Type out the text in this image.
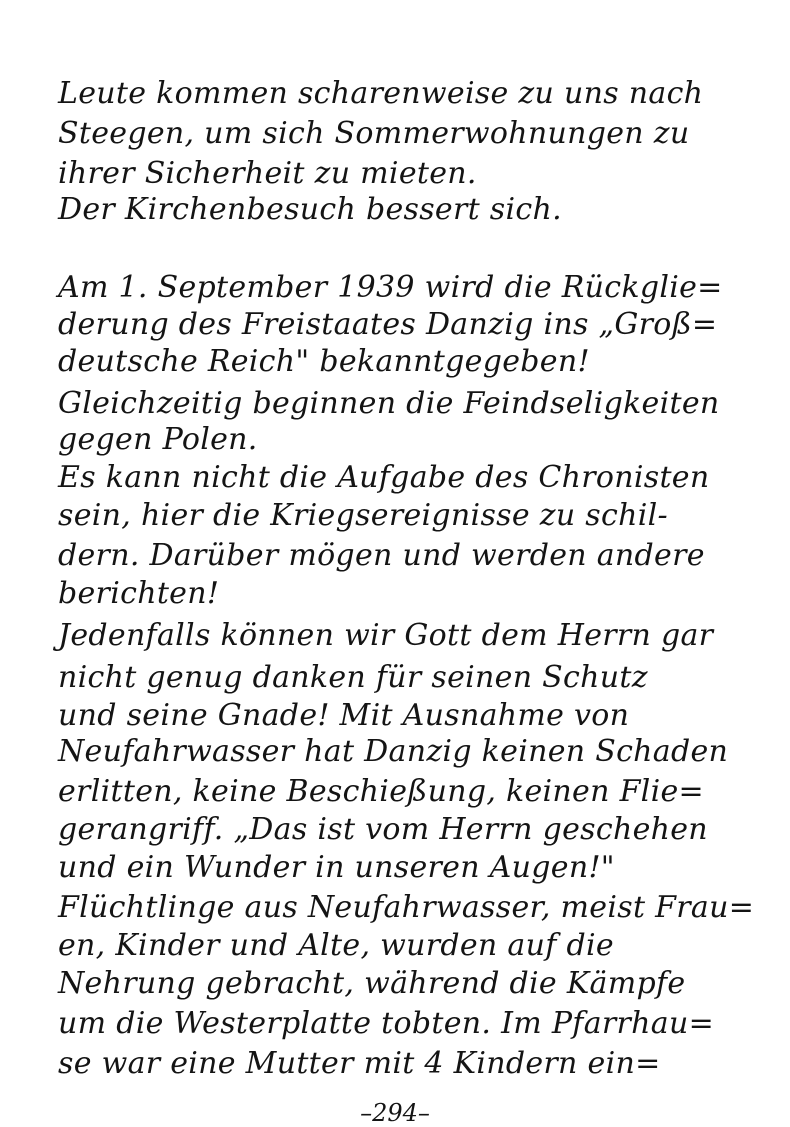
Leute kommen scharenweise zu uns nach
Steegen, um sich Sommerwohnungen zu
ihrer Sicherheit zu mieten.
Der Kirchenbesuch bessert sich.
Am 1. September 1939 wird die Rückglie=
derung des Freistaates Danzig ins „Groß=
deutsche Reich" bekanntgegeben!
Gleichzeitig beginnen die Feindseligkeiten
gegen Polen.
Es kann nicht die Aufgabe des Chronisten
sein, hier die Kriegsereignisse zu schil-
dern. Darüber mögen und werden andere
berichten!
Jedenfalls können wir Gott dem Herrn gar
nicht genug danken für seinen Schutz
und seine Gnade! Mit Ausnahme von
Neufahrwasser hat Danzig keinen Schaden
erlitten, keine Beschießung, keinen Flie=
gerangriff. „Das ist vom Herrn geschehen
und ein Wunder in unseren Augen!"
Flüchtlinge aus Neufahrwasser, meist Frau=
en, Kinder und Alte, wurden auf die
Nehrung gebracht, während die Kämpfe
um die Westerplatte tobten. Im Pfarrhau=
se war eine Mutter mit 4 Kindern ein=
–294–
